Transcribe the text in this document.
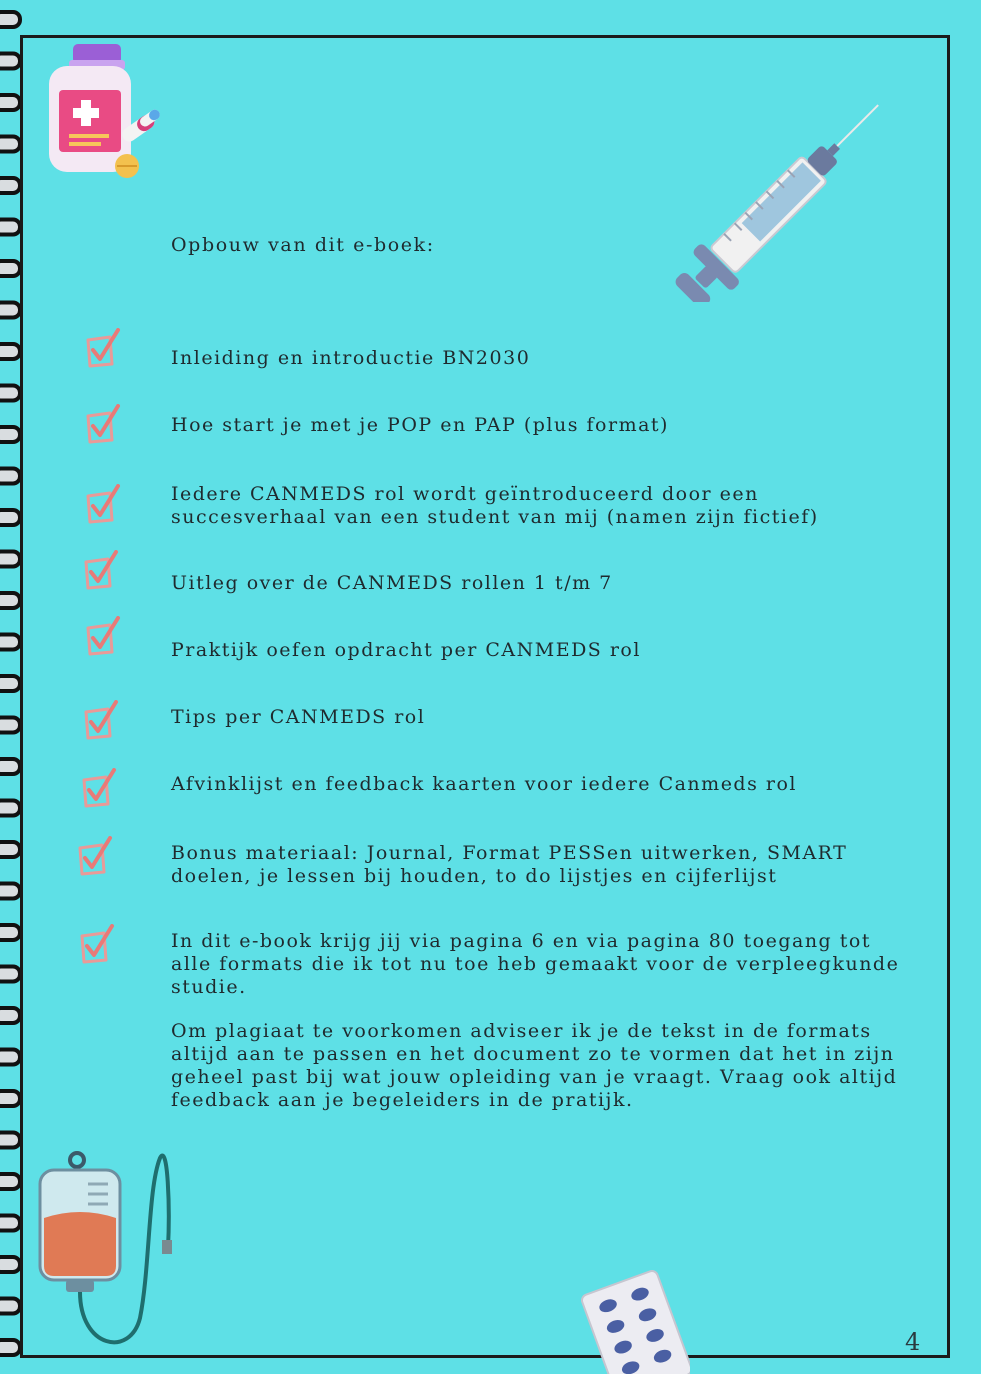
Opbouw van dit e-boek:
Inleiding en introductie BN2030
Hoe start je met je POP en PAP (plus format)
Iedere CANMEDS rol wordt geïntroduceerd door een succesverhaal van een student van mij (namen zijn fictief)
Uitleg over de CANMEDS rollen 1 t/m 7
Praktijk oefen opdracht per CANMEDS rol
Tips per CANMEDS rol
Afvinklijst en feedback kaarten voor iedere Canmeds rol
Bonus materiaal: Journal, Format PESSen uitwerken, SMART doelen, je lessen bij houden, to do lijstjes en cijferlijst

In dit e-book krijg jij via pagina 6 en via pagina 80 toegang tot alle formats die ik tot nu toe heb gemaakt voor de verpleegkunde studie.

Om plagiaat te voorkomen adviseer ik je de tekst in de formats altijd aan te passen en het document zo te vormen dat het in zijn geheel past bij wat jouw opleiding van je vraagt. Vraag ook altijd feedback aan je begeleiders in de pratijk.

4
